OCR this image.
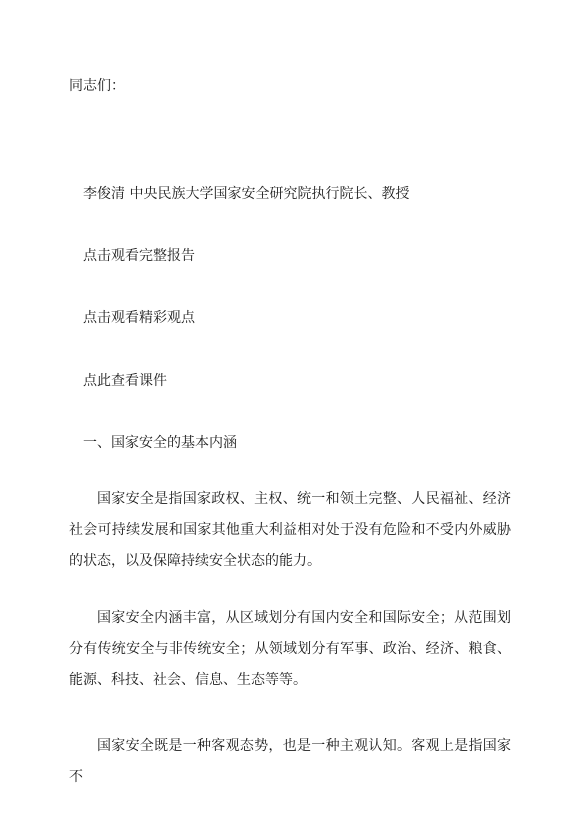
同志们：
李俊清 中央民族大学国家安全研究院执行院长、教授
点击观看完整报告
点击观看精彩观点
点此查看课件
一、国家安全的基本内涵
国家安全是指国家政权、主权、统一和领土完整、人民福祉、经济社会可持续发展和国家其他重大利益相对处于没有危险和不受内外威胁的状态，以及保障持续安全状态的能力。
国家安全内涵丰富，从区域划分有国内安全和国际安全；从范围划分有传统安全与非传统安全；从领域划分有军事、政治、经济、粮食、能源、科技、社会、信息、生态等等。
国家安全既是一种客观态势，也是一种主观认知。客观上是指国家不
